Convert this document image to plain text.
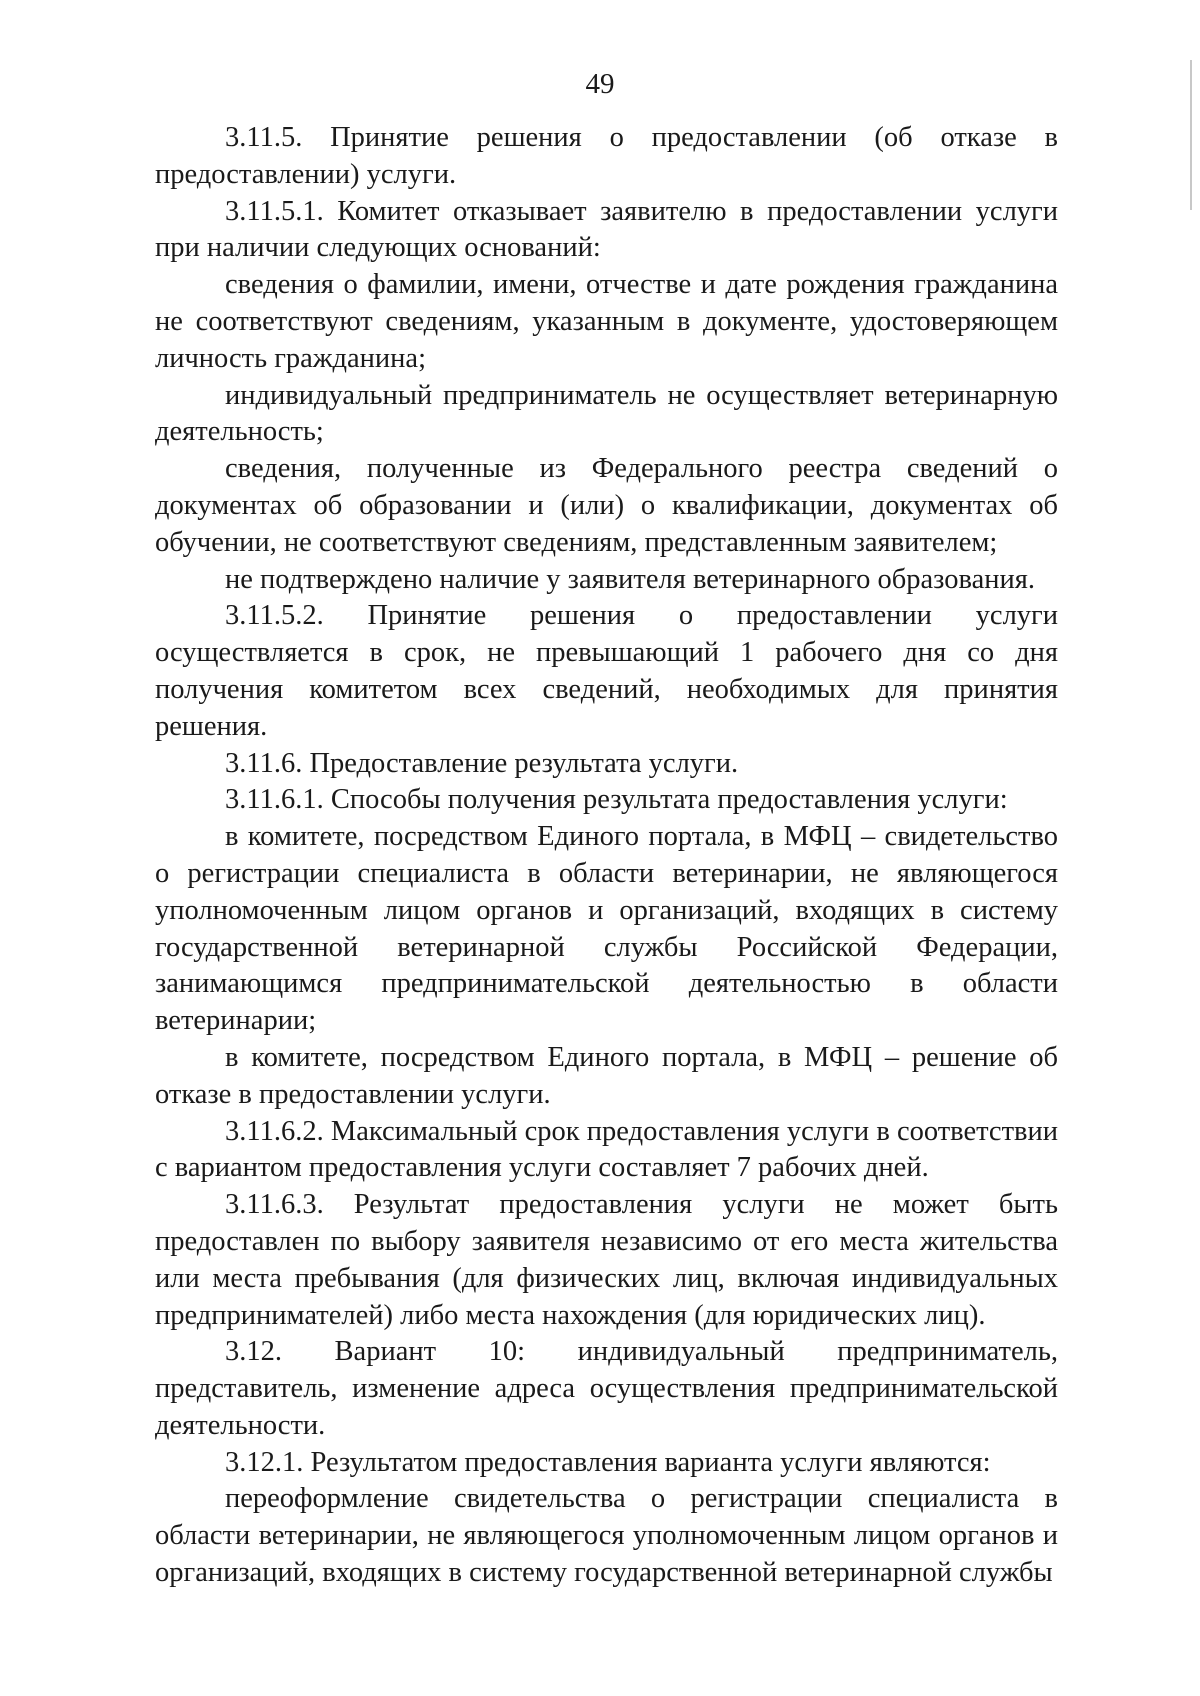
49

3.11.5. Принятие решения о предоставлении (об отказе в предоставлении) услуги.

3.11.5.1. Комитет отказывает заявителю в предоставлении услуги при наличии следующих оснований:

сведения о фамилии, имени, отчестве и дате рождения гражданина не соответствуют сведениям, указанным в документе, удостоверяющем личность гражданина;

индивидуальный предприниматель не осуществляет ветеринарную деятельность;

сведения, полученные из Федерального реестра сведений о документах об образовании и (или) о квалификации, документах об обучении, не соответствуют сведениям, представленным заявителем;

не подтверждено наличие у заявителя ветеринарного образования.

3.11.5.2. Принятие решения о предоставлении услуги осуществляется в срок, не превышающий 1 рабочего дня со дня получения комитетом всех сведений, необходимых для принятия решения.

3.11.6. Предоставление результата услуги.

3.11.6.1. Способы получения результата предоставления услуги:

в комитете, посредством Единого портала, в МФЦ – свидетельство о регистрации специалиста в области ветеринарии, не являющегося уполномоченным лицом органов и организаций, входящих в систему государственной ветеринарной службы Российской Федерации, занимающимся предпринимательской деятельностью в области ветеринарии;

в комитете, посредством Единого портала, в МФЦ – решение об отказе в предоставлении услуги.

3.11.6.2. Максимальный срок предоставления услуги в соответствии с вариантом предоставления услуги составляет 7 рабочих дней.

3.11.6.3. Результат предоставления услуги не может быть предоставлен по выбору заявителя независимо от его места жительства или места пребывания (для физических лиц, включая индивидуальных предпринимателей) либо места нахождения (для юридических лиц).

3.12. Вариант 10: индивидуальный предприниматель, представитель, изменение адреса осуществления предпринимательской деятельности.

3.12.1. Результатом предоставления варианта услуги являются:

переоформление свидетельства о регистрации специалиста в области ветеринарии, не являющегося уполномоченным лицом органов и организаций, входящих в систему государственной ветеринарной службы
